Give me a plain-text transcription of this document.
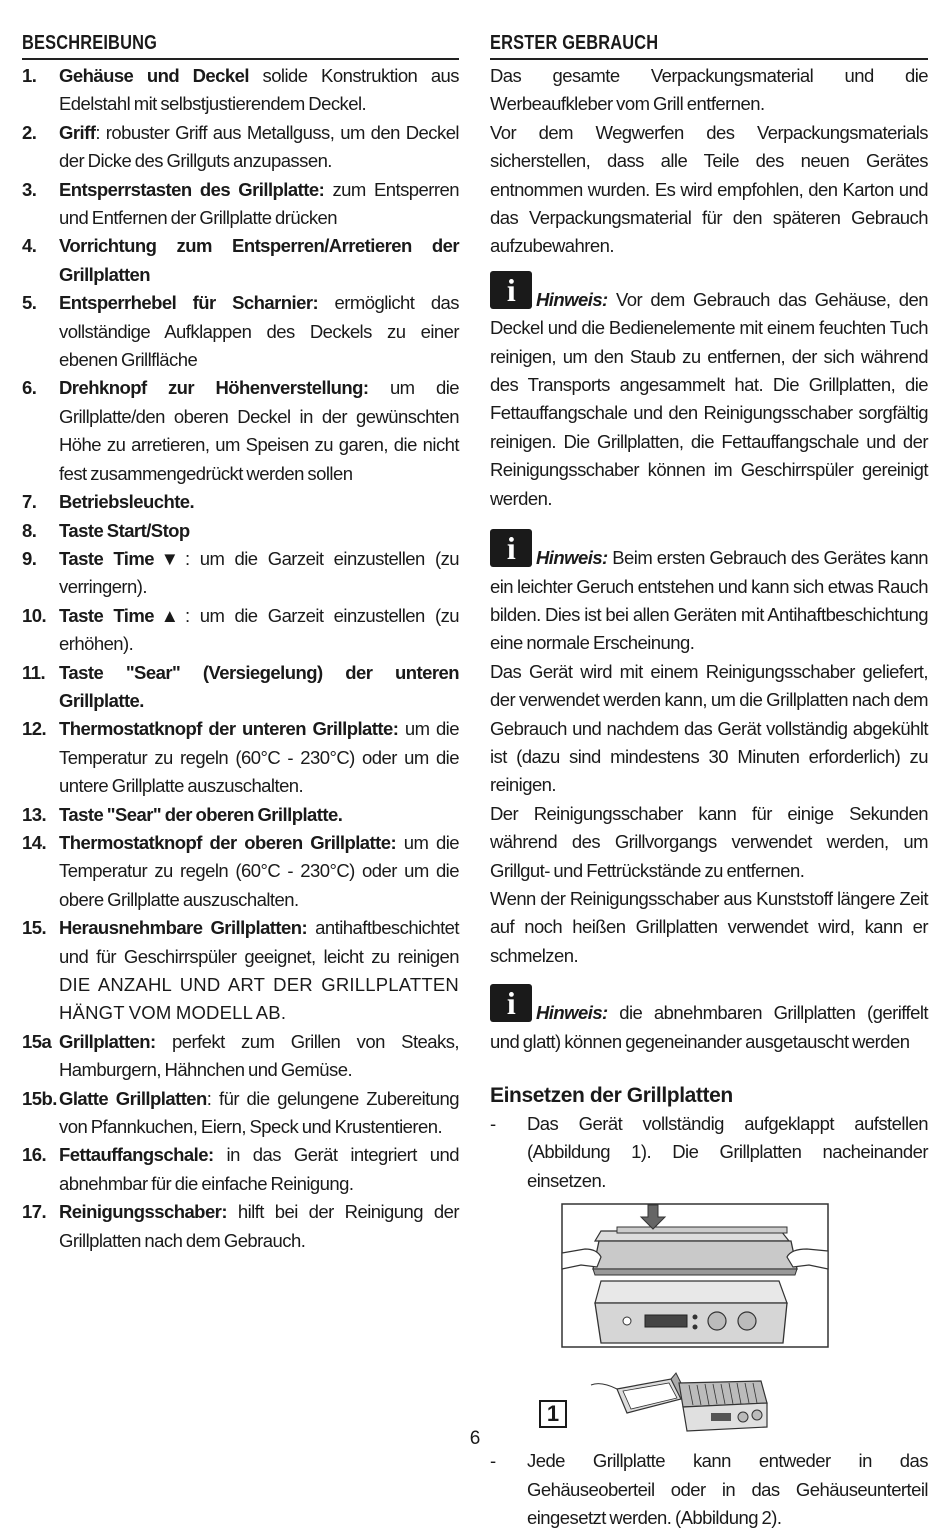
BESCHREIBUNG
1.	Gehäuse und Deckel solide Konstruktion aus Edelstahl mit selbstjustierendem Deckel.
2.	Griff: robuster Griff aus Metallguss, um den Deckel der Dicke des Grillguts anzupassen.
3.	Entsperrstasten des Grillplatte: zum Entsperren und Entfernen der Grillplatte drücken
4.	Vorrichtung zum Entsperren/Arretieren der Grillplatten
5.	Entsperrhebel für Scharnier: ermöglicht das vollständige Aufklappen des Deckels zu einer ebenen Grillfläche
6.	Drehknopf zur Höhenverstellung: um die Grillplatte/den oberen Deckel in der gewünschten Höhe zu arretieren, um Speisen zu garen, die nicht fest zusammengedrückt werden sollen
7.	Betriebsleuchte.
8.	Taste Start/Stop
9.	Taste Time▼: um die Garzeit einzustellen (zu verringern).
10. Taste Time▲: um die Garzeit einzustellen (zu erhöhen).
11. Taste "Sear" (Versiegelung) der unteren Grillplatte.
12. Thermostatknopf der unteren Grillplatte: um die Temperatur zu regeln (60°C - 230°C) oder um die untere Grillplatte auszuschalten.
13. Taste "Sear" der oberen Grillplatte.
14. Thermostatknopf der oberen Grillplatte: um die Temperatur zu regeln (60°C - 230°C) oder um die obere Grillplatte auszuschalten.
15. Herausnehmbare Grillplatten: antihaftbeschichtet und für Geschirrspüler geeignet, leicht zu reinigen DIE ANZAHL UND ART DER GRILLPLATTEN HÄNGT VOM MODELL AB.
15a Grillplatten: perfekt zum Grillen von Steaks, Hamburgern, Hähnchen und Gemüse.
15b. Glatte Grillplatten: für die gelungene Zubereitung von Pfannkuchen, Eiern, Speck und Krustentieren.
16. Fettauffangschale: in das Gerät integriert und abnehmbar für die einfache Reinigung.
17. Reinigungsschaber: hilft bei der Reinigung der Grillplatten nach dem Gebrauch.
ERSTER GEBRAUCH
Das gesamte Verpackungsmaterial und die Werbeaufkleber vom Grill entfernen.
Vor dem Wegwerfen des Verpackungsmaterials sicherstellen, dass alle Teile des neuen Gerätes entnommen wurden. Es wird empfohlen, den Karton und das Verpackungsmaterial für den späteren Gebrauch aufzubewahren.
i	Hinweis: Vor dem Gebrauch das Gehäuse, den Deckel und die Bedienelemente mit einem feuchten Tuch reinigen, um den Staub zu entfernen, der sich während des Transports angesammelt hat. Die Grillplatten, die Fettauffangschale und den Reinigungsschaber sorgfältig reinigen. Die Grillplatten, die Fettauffangschale und der Reinigungsschaber können im Geschirrspüler gereinigt werden.
i	Hinweis: Beim ersten Gebrauch des Gerätes kann ein leichter Geruch entstehen und kann sich etwas Rauch bilden. Dies ist bei allen Geräten mit Antihaftbeschichtung eine normale Erscheinung.
Das Gerät wird mit einem Reinigungsschaber geliefert, der verwendet werden kann, um die Grillplatten nach dem Gebrauch und nachdem das Gerät vollständig abgekühlt ist (dazu sind mindestens 30 Minuten erforderlich) zu reinigen.
Der Reinigungsschaber kann für einige Sekunden während des Grillvorgangs verwendet werden, um Grillgut- und Fettrückstände zu entfernen.
Wenn der Reinigungsschaber aus Kunststoff längere Zeit auf noch heißen Grillplatten verwendet wird, kann er schmelzen.
i	Hinweis: die abnehmbaren Grillplatten (geriffelt und glatt) können gegeneinander ausgetauscht werden
Einsetzen der Grillplatten
-	Das Gerät vollständig aufgeklappt aufstellen (Abbildung 1). Die Grillplatten nacheinander einsetzen.
1
-	Jede Grillplatte kann entweder in das Gehäuseoberteil oder in das Gehäuseunterteil eingesetzt werden. (Abbildung 2).
6
